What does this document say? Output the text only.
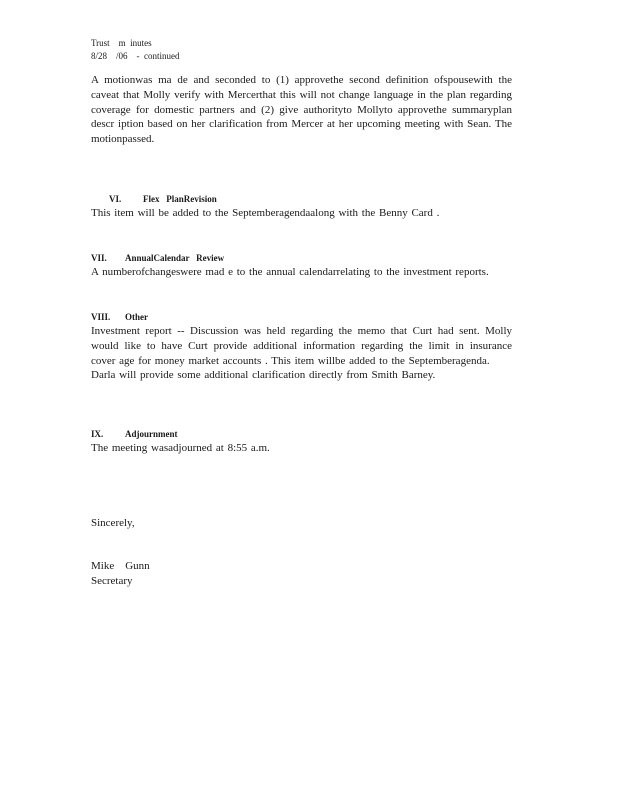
Trust    m  inutes
8/28    /06    -  continued

A motionwas ma de and seconded to (1) approvethe second definition ofspousewith the caveat that Molly verify with Mercerthat this will not change language in the plan regarding coverage for domestic partners and (2) give authorityto Mollyto approvethe summaryplan descr iption based on her clarification from Mercer at her upcoming meeting with Sean. The motionpassed.

VI. Flex   PlanRevision

This item will be added to the Septemberagendaalong with the Benny Card .

VII. AnnualCalendar   Review

A numberofchangeswere mad e to the annual calendarrelating to the investment reports.

VIII. Other

Investment report -- Discussion was held regarding the memo that Curt had sent. Molly would like to have Curt provide additional information regarding the limit in insurance cover age for money market accounts . This item willbe added to the Septemberagenda.

Darla will provide some additional clarification directly from Smith Barney.

IX. Adjournment

The meeting wasadjourned at 8:55 a.m.

Sincerely,
Mike    Gunn
Secretary
